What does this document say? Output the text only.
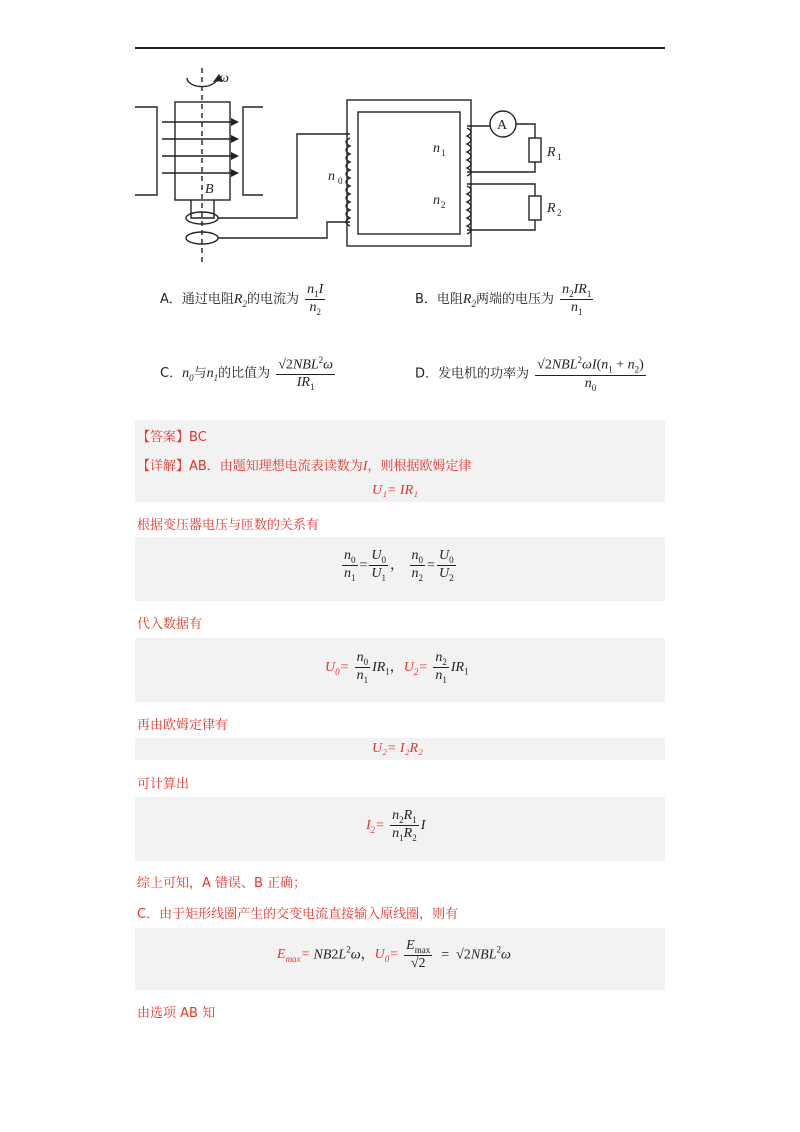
ω
B
n 0
n 1
n 2
A
R 1
R 2
A．通过电阻$R_2$的电流为 $\frac{n_1I}{n_2}$	B．电阻$R_2$两端的电压为 $\frac{n_2IR_1}{n_1}$
C．$n_0$与$n_1$的比值为 $\frac{√2NBL^2\omega}{IR_1}$	D．发电机的功率为 $\frac{√2NBL^2\omega I(n_1 + n_2)}{n_0}$
【答案】BC
【详解】AB．由题知理想电流表读数为I，则根据欧姆定律
U₁= IR₁
根据变压器电压与匝数的关系有
$\frac{n_0}{n_1} = \frac{U_0}{U_1}$ ， $\frac{n_0}{n_2} = \frac{U_0}{U_2}$
代入数据有
$U_0= \frac{n_0}{n_1} IR_1$，$U_2= \frac{n_2}{n_1} IR_1$
再由欧姆定律有
U₂= I₂R₂
可计算出
$I_2= \frac{n_2R_1}{n_1R_2}$ I
综上可知，A 错误、B 正确；
C．由于矩形线圈产生的交变电流直接输入原线圈，则有
$E_{max}= NB2L^2\omega$，$U_0= \frac{E_{max}}{√2} = √2NBL^2\omega$
由选项 AB 知
